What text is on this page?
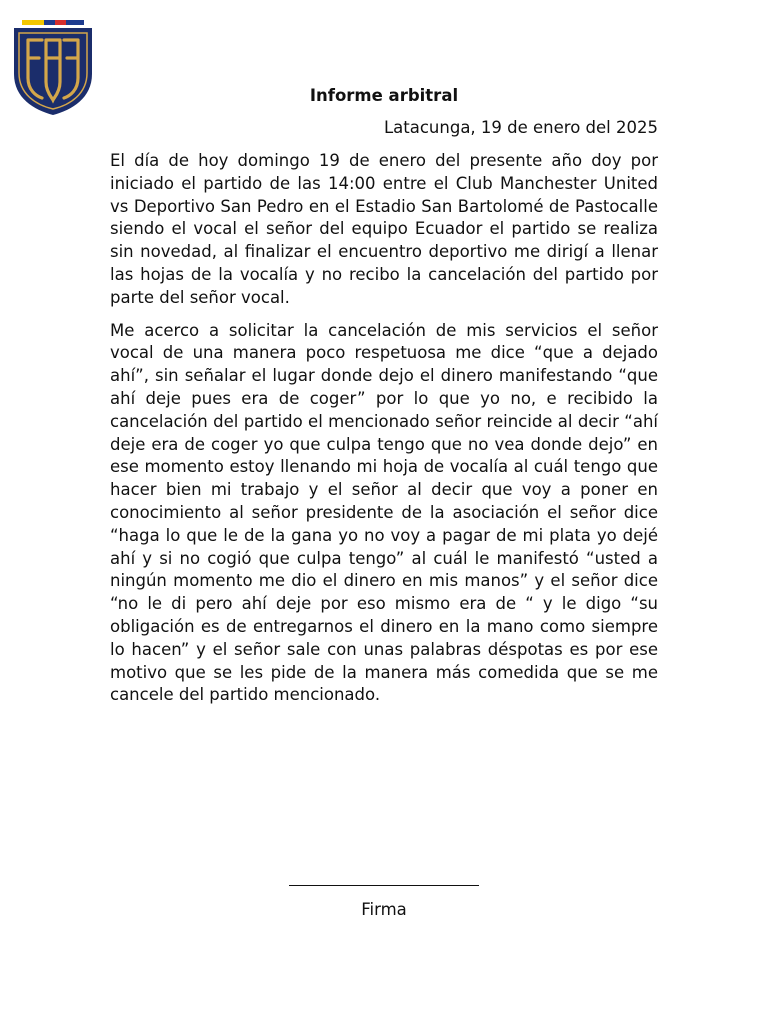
Informe arbitral

Latacunga, 19 de enero del 2025

El día de hoy domingo 19 de enero del presente año doy por iniciado el partido de las 14:00 entre el Club Manchester United vs Deportivo San Pedro en el Estadio San Bartolomé de Pastocalle siendo el vocal el señor del equipo Ecuador el partido se realiza sin novedad, al finalizar el encuentro deportivo me dirigí a llenar las hojas de la vocalía y no recibo la cancelación del partido por parte del señor vocal.

Me acerco a solicitar la cancelación de mis servicios el señor vocal de una manera poco respetuosa me dice “que a dejado ahí”, sin señalar el lugar donde dejo el dinero manifestando “que ahí deje pues era de coger” por lo que yo no, e recibido la cancelación del partido el mencionado señor reincide al decir “ahí deje era de coger yo que culpa tengo que no vea donde dejo” en ese momento estoy llenando mi hoja de vocalía al cuál tengo que hacer bien mi trabajo y el señor al decir que voy a poner en conocimiento al señor presidente de la asociación el señor dice “haga lo que le de la gana yo no voy a pagar de mi plata yo dejé ahí y si no cogió que culpa tengo” al cuál le manifestó “usted a ningún momento me dio el dinero en mis manos” y el señor dice “no le di pero ahí deje por eso mismo era de “ y le digo “su obligación es de entregarnos el dinero en la mano como siempre lo hacen” y el señor sale con unas palabras déspotas es por ese motivo que se les pide de la manera más comedida que se me cancele del partido mencionado.

Firma
